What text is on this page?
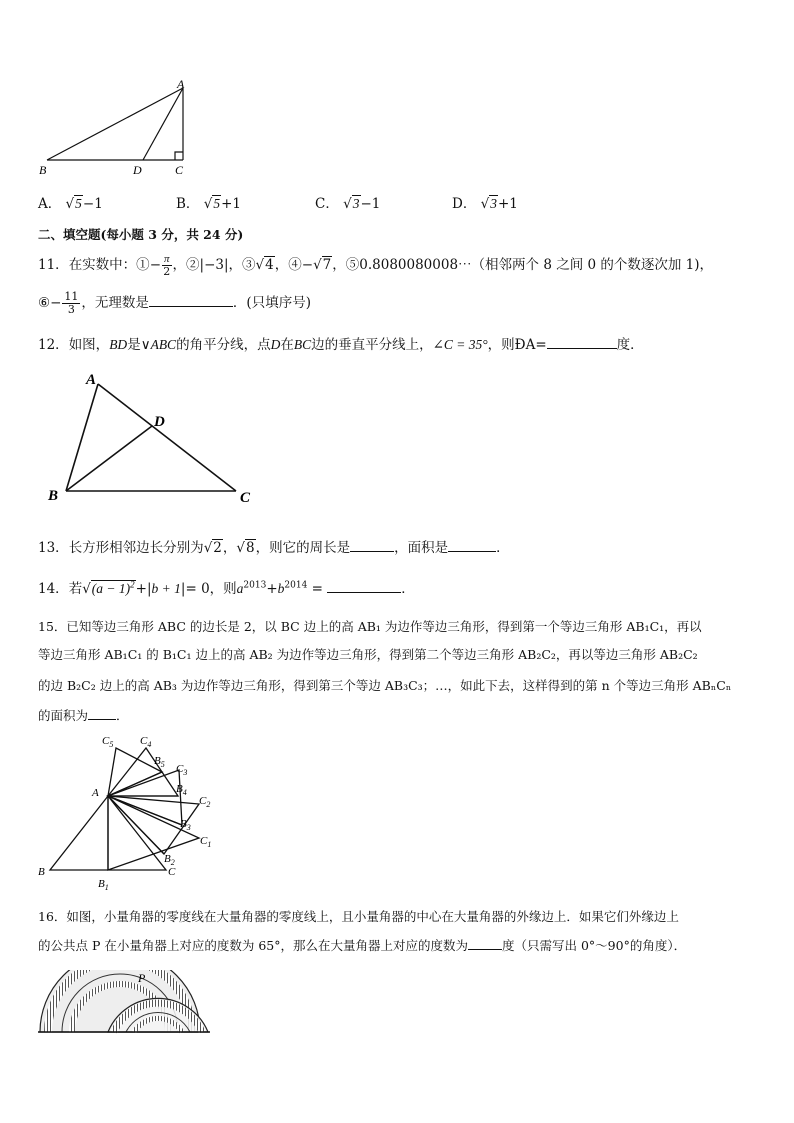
A
B	D	C
A． √5−1	B． √5+1	C． √3−1	D． √3+1
二、填空题(每小题 3 分，共 24 分)
11．在实数中：①− $\frac{\pi}{2}$ ，②|−3|，③√4，④−√7，⑤0.8080080008⋯（相邻两个 8 之间 0 的个数逐次加 1)，
⑥− $\frac{11}{3}$ ，无理数是	．(只填序号)
12．如图，BD是∨ABC的角平分线，点D在BC边的垂直平分线上，∠C = 35°，则ĐA=	度．
A
B	C
D
13．长方形相邻边长分别为√2，√8，则它的周长是	，面积是	．
14．若$√(a - 1)^2+|b + 1|= 0$，则$a^{2013}+b^{2014}$ =	．
15．已知等边三角形 ABC 的边长是 2，以 BC 边上的高 AB₁ 为边作等边三角形，得到第一个等边三角形 AB₁C₁，再以
等边三角形 AB₁C₁ 的 B₁C₁ 边上的高 AB₂ 为边作等边三角形，得到第二个等边三角形 AB₂C₂，再以等边三角形 AB₂C₂
的边 B₂C₂ 边上的高 AB₃ 为边作等边三角形，得到第三个等边 AB₃C₃；…，如此下去，这样得到的第 n 个等边三角形 ABₙCₙ
的面积为 ．
A
B	C
$B_1$
$B_2$
$B_3$
$B_4$
$B_5$
$C_1$
$C_2$
$C_3$
$C_4$
$C_5$
16．如图，小量角器的零度线在大量角器的零度线上，且小量角器的中心在大量角器的外缘边上．如果它们外缘边上
的公共点 P 在小量角器上对应的度数为 65°，那么在大量角器上对应的度数为	度（只需写出 0°～90°的角度）．
P
